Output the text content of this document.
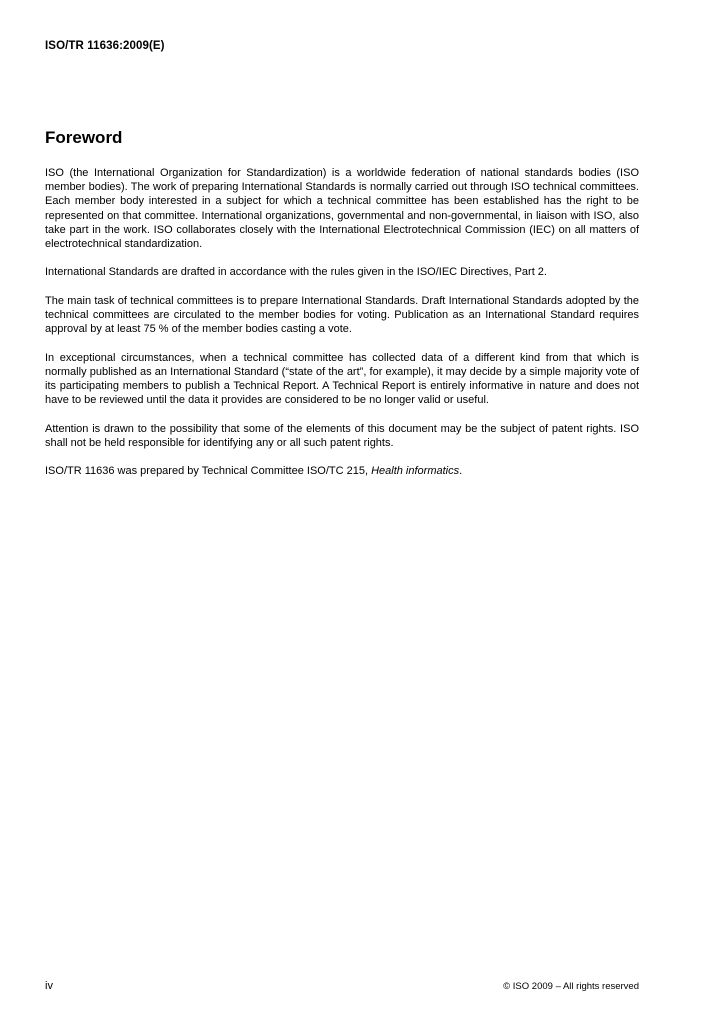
ISO/TR 11636:2009(E)
Foreword

ISO (the International Organization for Standardization) is a worldwide federation of national standards bodies (ISO member bodies). The work of preparing International Standards is normally carried out through ISO technical committees. Each member body interested in a subject for which a technical committee has been established has the right to be represented on that committee. International organizations, governmental and non-governmental, in liaison with ISO, also take part in the work. ISO collaborates closely with the International Electrotechnical Commission (IEC) on all matters of electrotechnical standardization.

International Standards are drafted in accordance with the rules given in the ISO/IEC Directives, Part 2.

The main task of technical committees is to prepare International Standards. Draft International Standards adopted by the technical committees are circulated to the member bodies for voting. Publication as an International Standard requires approval by at least 75 % of the member bodies casting a vote.

In exceptional circumstances, when a technical committee has collected data of a different kind from that which is normally published as an International Standard (“state of the art”, for example), it may decide by a simple majority vote of its participating members to publish a Technical Report. A Technical Report is entirely informative in nature and does not have to be reviewed until the data it provides are considered to be no longer valid or useful.

Attention is drawn to the possibility that some of the elements of this document may be the subject of patent rights. ISO shall not be held responsible for identifying any or all such patent rights.

ISO/TR 11636 was prepared by Technical Committee ISO/TC 215, Health informatics.

iv	© ISO 2009 – All rights reserved
